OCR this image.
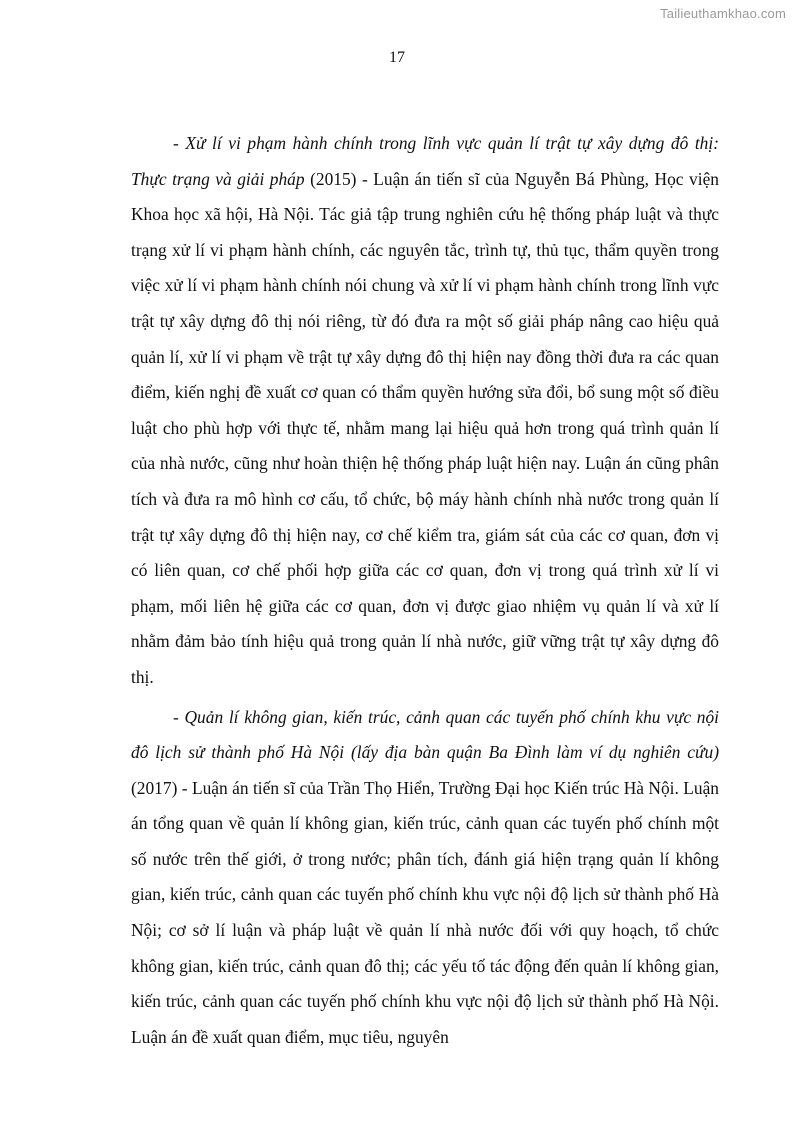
Tailieuthamkhao.com
17

- Xử lí vi phạm hành chính trong lĩnh vực quản lí trật tự xây dựng đô thị: Thực trạng và giải pháp (2015) - Luận án tiến sĩ của Nguyễn Bá Phùng, Học viện Khoa học xã hội, Hà Nội. Tác giả tập trung nghiên cứu hệ thống pháp luật và thực trạng xử lí vi phạm hành chính, các nguyên tắc, trình tự, thủ tục, thẩm quyền trong việc xử lí vi phạm hành chính nói chung và xử lí vi phạm hành chính trong lĩnh vực trật tự xây dựng đô thị nói riêng, từ đó đưa ra một số giải pháp nâng cao hiệu quả quản lí, xử lí vi phạm về trật tự xây dựng đô thị hiện nay đồng thời đưa ra các quan điểm, kiến nghị đề xuất cơ quan có thẩm quyền hướng sửa đổi, bổ sung một số điều luật cho phù hợp với thực tế, nhằm mang lại hiệu quả hơn trong quá trình quản lí của nhà nước, cũng như hoàn thiện hệ thống pháp luật hiện nay. Luận án cũng phân tích và đưa ra mô hình cơ cấu, tổ chức, bộ máy hành chính nhà nước trong quản lí trật tự xây dựng đô thị hiện nay, cơ chế kiểm tra, giám sát của các cơ quan, đơn vị có liên quan, cơ chế phối hợp giữa các cơ quan, đơn vị trong quá trình xử lí vi phạm, mối liên hệ giữa các cơ quan, đơn vị được giao nhiệm vụ quản lí và xử lí nhằm đảm bảo tính hiệu quả trong quản lí nhà nước, giữ vững trật tự xây dựng đô thị.

- Quản lí không gian, kiến trúc, cảnh quan các tuyến phố chính khu vực nội đô lịch sử thành phố Hà Nội (lấy địa bàn quận Ba Đình làm ví dụ nghiên cứu) (2017) - Luận án tiến sĩ của Trần Thọ Hiển, Trường Đại học Kiến trúc Hà Nội. Luận án tổng quan về quản lí không gian, kiến trúc, cảnh quan các tuyến phố chính một số nước trên thế giới, ở trong nước; phân tích, đánh giá hiện trạng quản lí không gian, kiến trúc, cảnh quan các tuyến phố chính khu vực nội độ lịch sử thành phố Hà Nội; cơ sở lí luận và pháp luật về quản lí nhà nước đối với quy hoạch, tổ chức không gian, kiến trúc, cảnh quan đô thị; các yếu tố tác động đến quản lí không gian, kiến trúc, cảnh quan các tuyến phố chính khu vực nội độ lịch sử thành phố Hà Nội. Luận án đề xuất quan điểm, mục tiêu, nguyên
